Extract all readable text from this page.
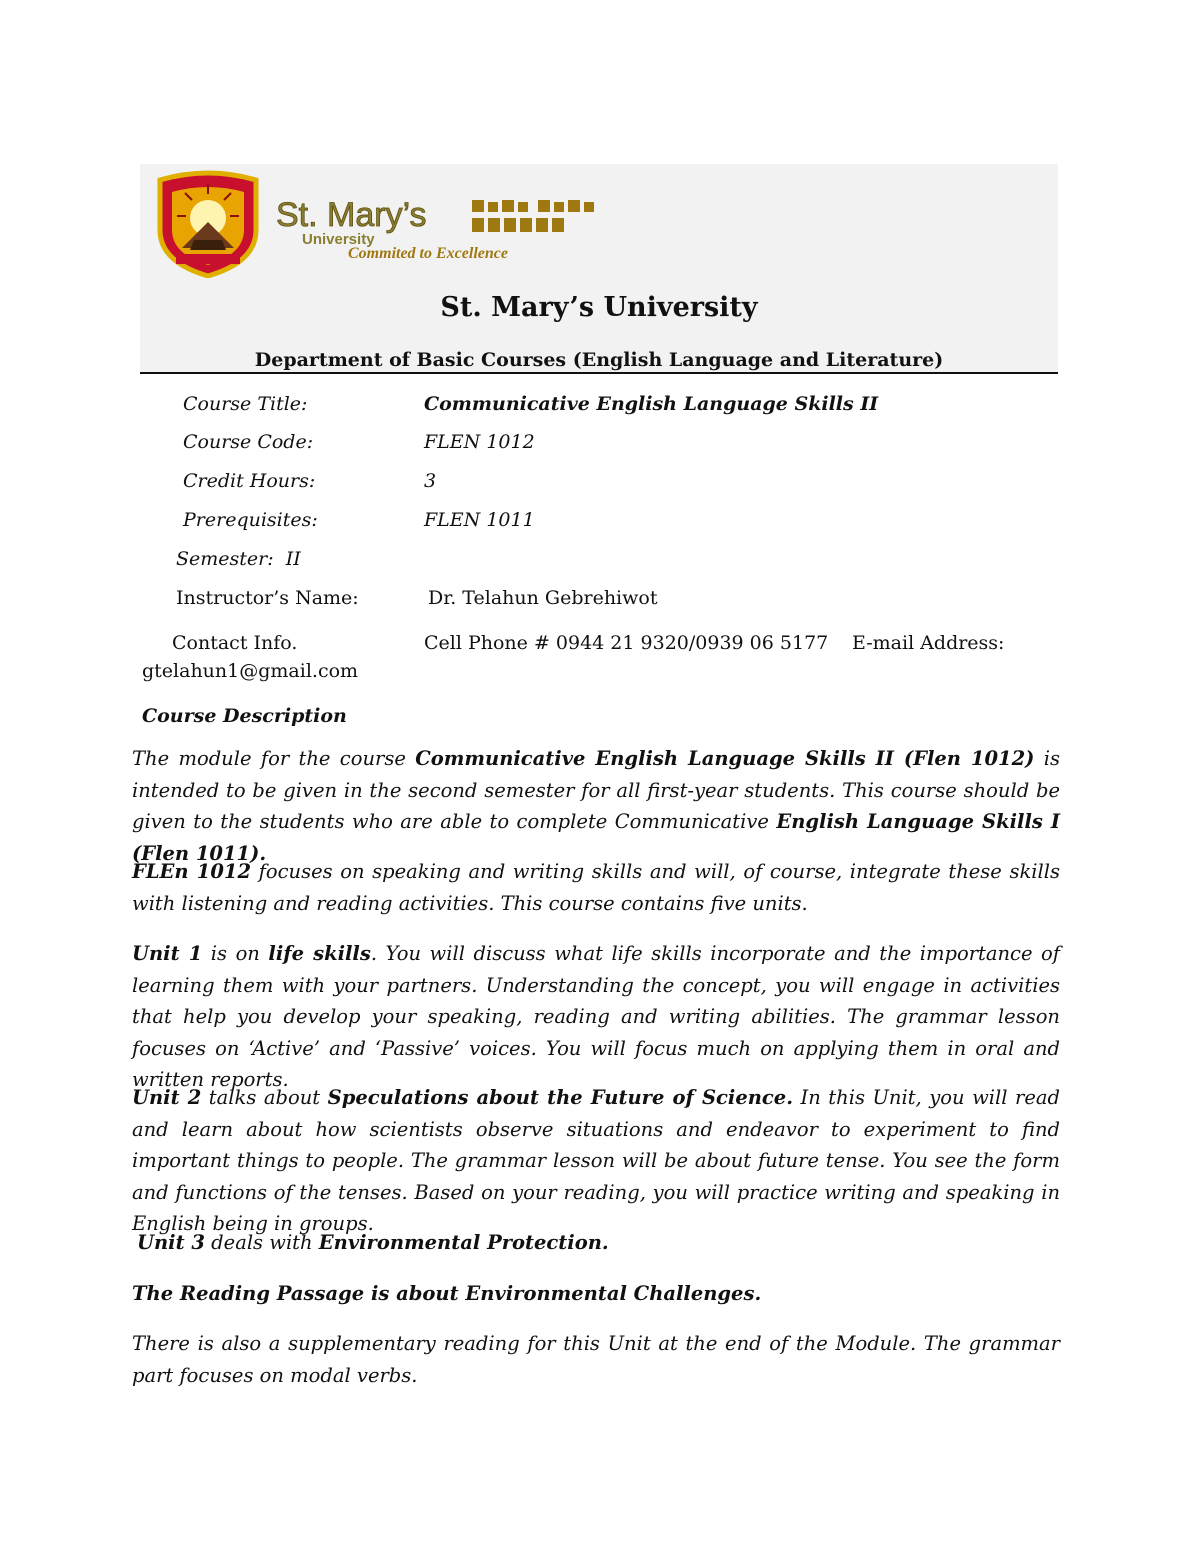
St. Mary’s
University
Commited to Excellence
St. Mary’s University
Department of Basic Courses (English Language and Literature)
Course Title:	Communicative English Language Skills II
Course Code:	FLEN 1012
Credit Hours:	3
Prerequisites:	FLEN 1011
Semester: II
Instructor’s Name:	Dr. Telahun Gebrehiwot
Contact Info.	Cell Phone # 0944 21 9320/0939 06 5177 E-mail Address:
gtelahun1@gmail.com
Course Description
The module for the course Communicative English Language Skills II (Flen 1012) is intended to be given in the second semester for all first-year students. This course should be given to the students who are able to complete Communicative English Language Skills I (Flen 1011).
FLEn 1012 focuses on speaking and writing skills and will, of course, integrate these skills with listening and reading activities. This course contains five units.
Unit 1 is on life skills. You will discuss what life skills incorporate and the importance of learning them with your partners. Understanding the concept, you will engage in activities that help you develop your speaking, reading and writing abilities. The grammar lesson focuses on ‘Active’ and ‘Passive’ voices. You will focus much on applying them in oral and written reports.
Unit 2 talks about Speculations about the Future of Science. In this Unit, you will read and learn about how scientists observe situations and endeavor to experiment to find important things to people. The grammar lesson will be about future tense. You see the form and functions of the tenses. Based on your reading, you will practice writing and speaking in English being in groups.
Unit 3 deals with Environmental Protection.
The Reading Passage is about Environmental Challenges.
There is also a supplementary reading for this Unit at the end of the Module. The grammar part focuses on modal verbs.
